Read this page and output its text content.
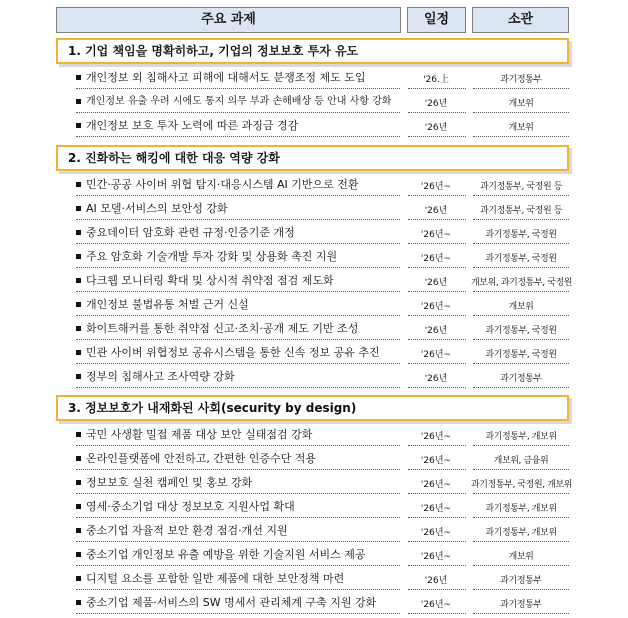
주요 과제	일정	소관
1. 기업 책임을 명확히하고, 기업의 정보보호 투자 유도
개인정보 외 침해사고 피해에 대해서도 분쟁조정 제도 도입	'26.上	과기정통부
개인정보 유출 우려 시에도 통지 의무 부과 손해배상 등 안내 사항 강화	'26년	개보위
개인정보 보호 투자 노력에 따른 과징금 경감	'26년	개보위
2. 진화하는 해킹에 대한 대응 역량 강화
민간·공공 사이버 위협 탐지·대응시스템 AI 기반으로 전환	'26년~	과기정통부, 국정원 등
AI 모델·서비스의 보안성 강화	'26년	과기정통부, 국정원 등
중요데이터 암호화 관련 규정·인증기준 개정	'26년~	과기정통부, 국정원
주요 암호화 기술개발 투자 강화 및 상용화 촉진 지원	'26년~	과기정통부, 국정원
다크웹 모니터링 확대 및 상시적 취약점 점검 제도화	'26년	개보위, 과기정통부, 국정원
개인정보 불법유통 처벌 근거 신설	'26년~	개보위
화이트해커를 통한 취약점 신고·조치·공개 제도 기반 조성	'26년	과기정통부, 국정원
민관 사이버 위협정보 공유시스템을 통한 신속 정보 공유 추진	'26년~	과기정통부, 국정원
정부의 침해사고 조사역량 강화	'26년	과기정통부
3. 정보보호가 내재화된 사회(security by design)
국민 사생활 밀접 제품 대상 보안 실태점검 강화	'26년~	과기정통부, 개보위
온라인플랫폼에 안전하고, 간편한 인증수단 적용	'26년~	개보위, 금융위
정보보호 실천 캠페인 및 홍보 강화	'26년~	과기정통부, 국정원, 개보위
영세·중소기업 대상 정보보호 지원사업 확대	'26년~	과기정통부, 개보위
중소기업 자율적 보안 환경 점검·개선 지원	'26년~	과기정통부, 개보위
중소기업 개인정보 유출 예방을 위한 기술지원 서비스 제공	'26년~	개보위
디지털 요소를 포함한 일반 제품에 대한 보안정책 마련	'26년	과기정통부
중소기업 제품·서비스의 SW 명세서 관리체계 구축 지원 강화	'26년~	과기정통부
